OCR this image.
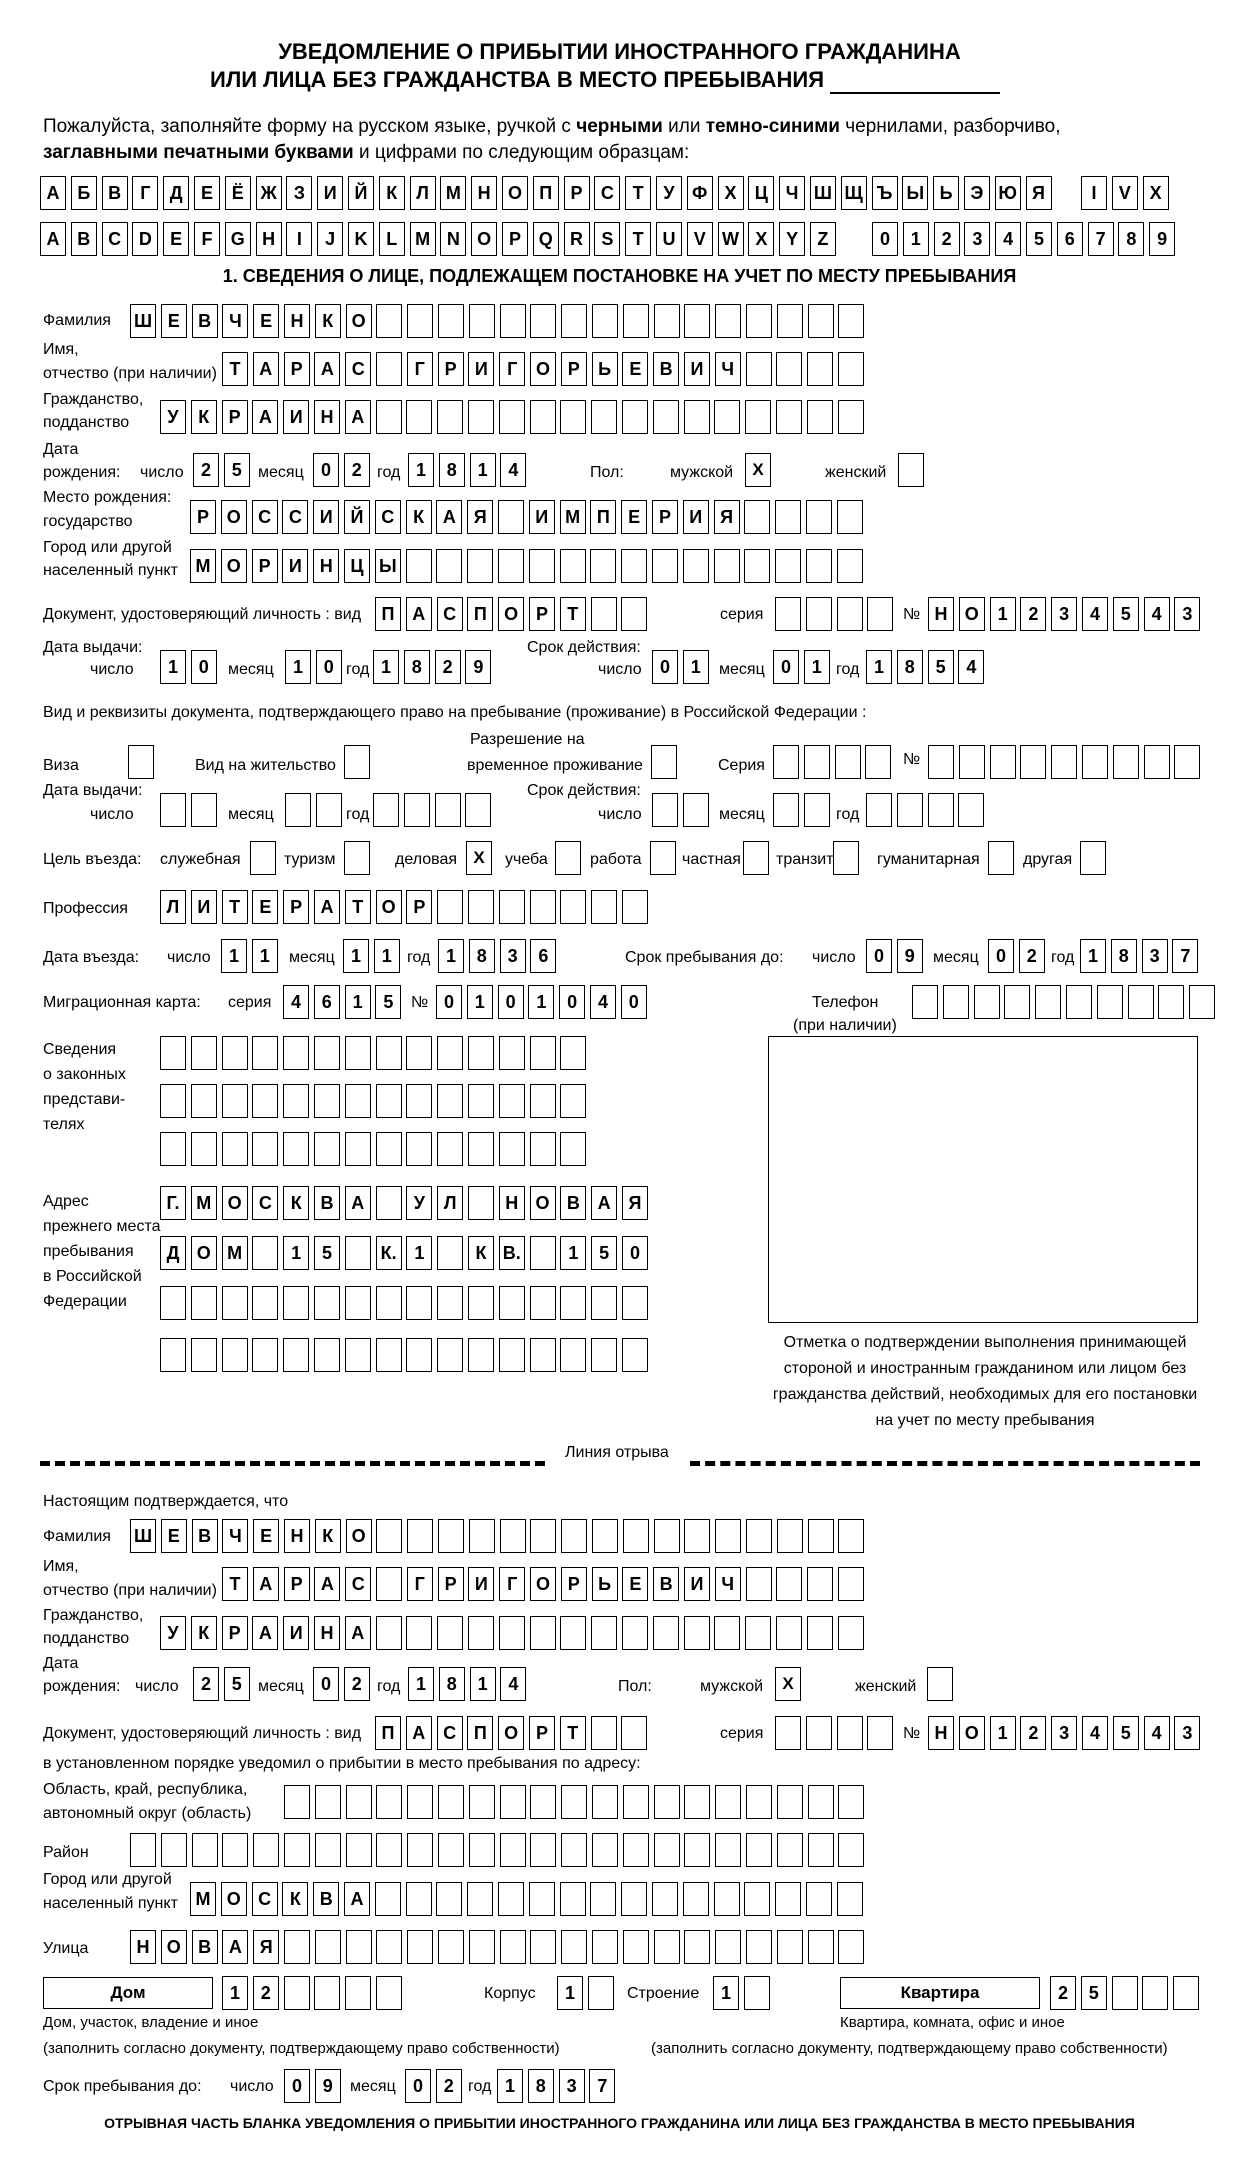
УВЕДОМЛЕНИЕ О ПРИБЫТИИ ИНОСТРАННОГО ГРАЖДАНИНА
ИЛИ ЛИЦА БЕЗ ГРАЖДАНСТВА В МЕСТО ПРЕБЫВАНИЯ
Пожалуйста, заполняйте форму на русском языке, ручкой с черными или темно-синими чернилами, разборчиво,
заглавными печатными буквами и цифрами по следующим образцам:
А Б В	Г	Д	Е	Ё Ж З	И Й	К	Л М Н О П	Р	С	Т	У Ф Х	Ц Ч Ш Щ Ъ Ы Ь Э Ю Я	I	V	X
A B C D	E	F	G H	I	J	K	L M N O P Q R	S	T	U	V W X	Y	Z	0	1	2	3	4	5	6	7	8	9
1. СВЕДЕНИЯ О ЛИЦЕ, ПОДЛЕЖАЩЕМ ПОСТАНОВКЕ НА УЧЕТ ПО МЕСТУ ПРЕБЫВАНИЯ
Фамилия Ш Е	В Ч	Е	Н	К	О
Имя,
отчество (при наличии) Т	А	Р	А С	Г	Р	И	Г	О Р	Ь	Е	В И	Ч
Гражданство,
подданство	У	К	Р	А И Н А
Дата
рождения: число 2	5	месяц 0	2 год 1	8	1	4	Пол:	мужской	X	женский
Место рождения:
государство	Р О С С И Й С	К	А Я	И М П	Е	Р	И Я
Город или другой
населенный пункт М О Р	И Н Ц Ы
Документ, удостоверяющий личность : вид	П А С П О Р	Т	серия	№ Н О	1	2	3	4	5	4	3
Дата выдачи:
число	1	0	месяц	1	0 год 1	8	2	9
Срок действия:
число	0	1	месяц 0	1 год 1	8	5	4
Вид и реквизиты документа, подтверждающего право на пребывание (проживание) в Российской Федерации :
Разрешение на
Виза	Вид на жительство	временное проживание	Серия	№
Дата выдачи:
число	месяц	год
Срок действия:
число	месяц	год
Цель въезда: служебная	туризм	деловая X	учеба	работа	частная транзит	гуманитарная	другая
Профессия	Л	И	Т	Е	Р	А	Т	О Р
Дата въезда: число	1	1	месяц 1	1 год 1	8	3	6	Срок пребывания до: число	0	9	месяц 0	2 год 1	8	3	7
Миграционная карта: серия	4	6	1	5	№ 0	1	0	1	0	4	0	Телефон
(при наличии)
Сведения
о законных
представи-
телях
Адрес
прежнего места
пребывания
в Российской
Федерации
Г. М О С	К	В А	У	Л	Н О В А Я
Д О М	1	5	К. 1	К В.	1	5	0
Отметка о подтверждении выполнения принимающей стороной и иностранным гражданином или лицом без гражданства действий, необходимых для его постановки на учет по месту пребывания
Линия отрыва
Настоящим подтверждается, что
Фамилия Ш Е	В Ч	Е	Н	К	О
Имя,
отчество (при наличии) Т	А	Р	А С	Г	Р	И	Г	О Р	Ь	Е	В И	Ч
Гражданство,
подданство	У	К	Р	А И Н А
Дата
рождения: число	2	5	месяц 0	2 год 1	8	1	4	Пол:	мужской	X	женский
Документ, удостоверяющий личность : вид	П А С П О Р	Т	серия	№ Н О	1	2	3	4	5	4	3
в установленном порядке уведомил о прибытии в место пребывания по адресу:
Область, край, республика,
автономный округ (область)
Район
Город или другой
населенный пункт М О С	К	В А
Улица	Н О В А Я
Дом	1	2	Корпус	1	Строение	1	Квартира	2	5
Дом, участок, владение и иное
(заполнить согласно документу, подтверждающему право собственности)
Квартира, комната, офис и иное
(заполнить согласно документу, подтверждающему право собственности)
Срок пребывания до: число	0	9	месяц 0	2 год 1	8	3	7
ОТРЫВНАЯ ЧАСТЬ БЛАНКА УВЕДОМЛЕНИЯ О ПРИБЫТИИ ИНОСТРАННОГО ГРАЖДАНИНА ИЛИ ЛИЦА БЕЗ ГРАЖДАНСТВА В МЕСТО ПРЕБЫВАНИЯ
